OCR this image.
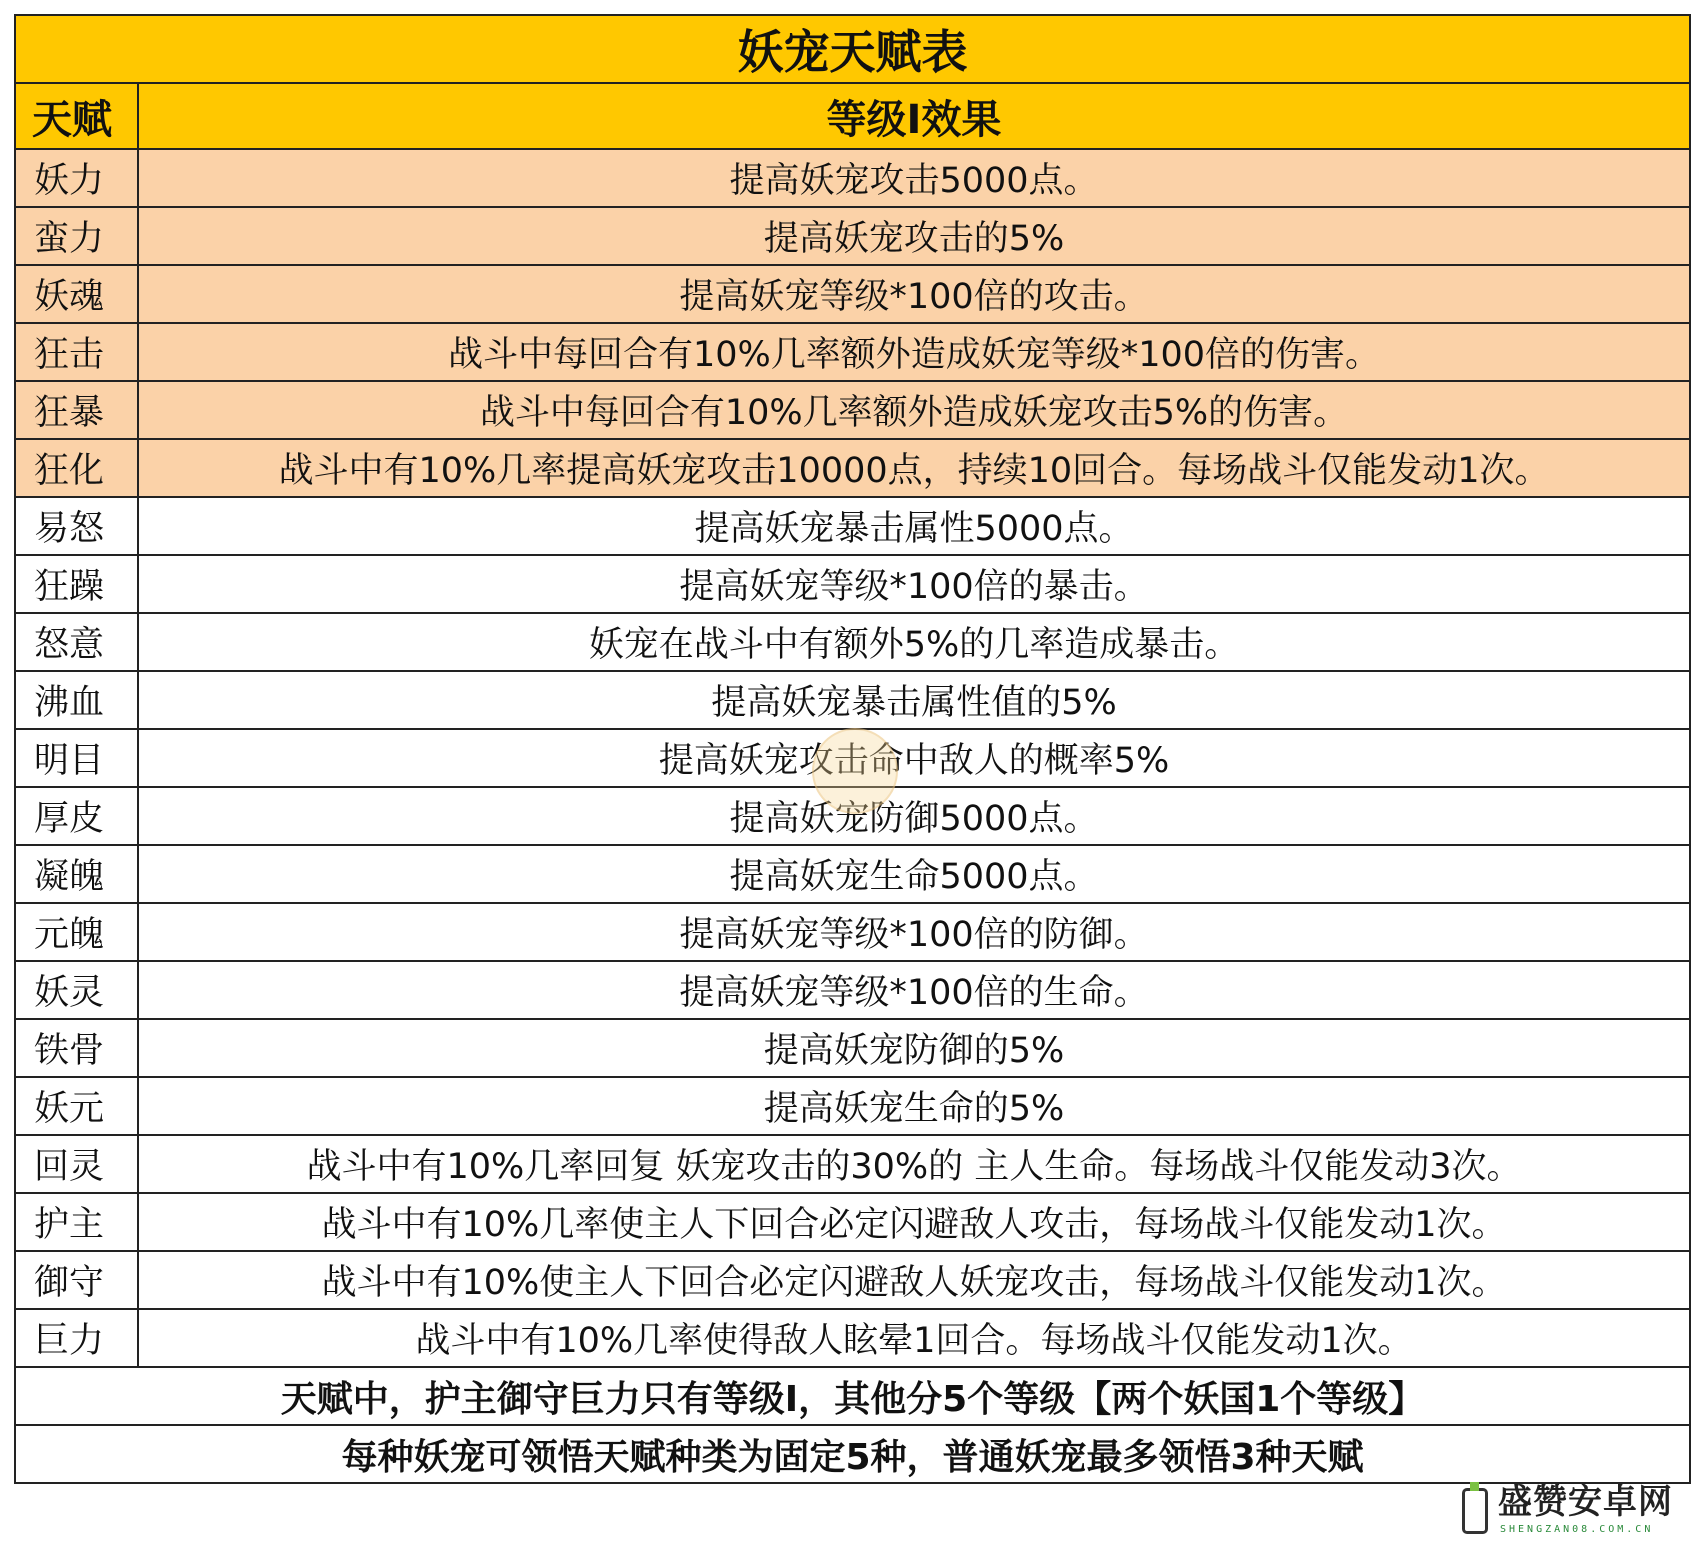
妖宠天赋表	
天赋	等级I效果
妖力	提高妖宠攻击5000点。
蛮力	提高妖宠攻击的5%
妖魂	提高妖宠等级*100倍的攻击。
狂击	战斗中每回合有10%几率额外造成妖宠等级*100倍的伤害。
狂暴	战斗中每回合有10%几率额外造成妖宠攻击5%的伤害。
狂化	战斗中有10%几率提高妖宠攻击10000点，持续10回合。每场战斗仅能发动1次。
易怒	提高妖宠暴击属性5000点。
狂躁	提高妖宠等级*100倍的暴击。
怒意	妖宠在战斗中有额外5%的几率造成暴击。
沸血	提高妖宠暴击属性值的5%
明目	提高妖宠攻击命中敌人的概率5%
厚皮	提高妖宠防御5000点。
凝魄	提高妖宠生命5000点。
元魄	提高妖宠等级*100倍的防御。
妖灵	提高妖宠等级*100倍的生命。
铁骨	提高妖宠防御的5%
妖元	提高妖宠生命的5%
回灵	战斗中有10%几率回复 妖宠攻击的30%的 主人生命。每场战斗仅能发动3次。
护主	战斗中有10%几率使主人下回合必定闪避敌人攻击，每场战斗仅能发动1次。
御守	战斗中有10%使主人下回合必定闪避敌人妖宠攻击，每场战斗仅能发动1次。
巨力	战斗中有10%几率使得敌人眩晕1回合。每场战斗仅能发动1次。
天赋中，护主御守巨力只有等级I，其他分5个等级【两个妖国1个等级】	
每种妖宠可领悟天赋种类为固定5种，普通妖宠最多领悟3种天赋	
盛赞安卓网
SHENGZAN08.COM.CN
